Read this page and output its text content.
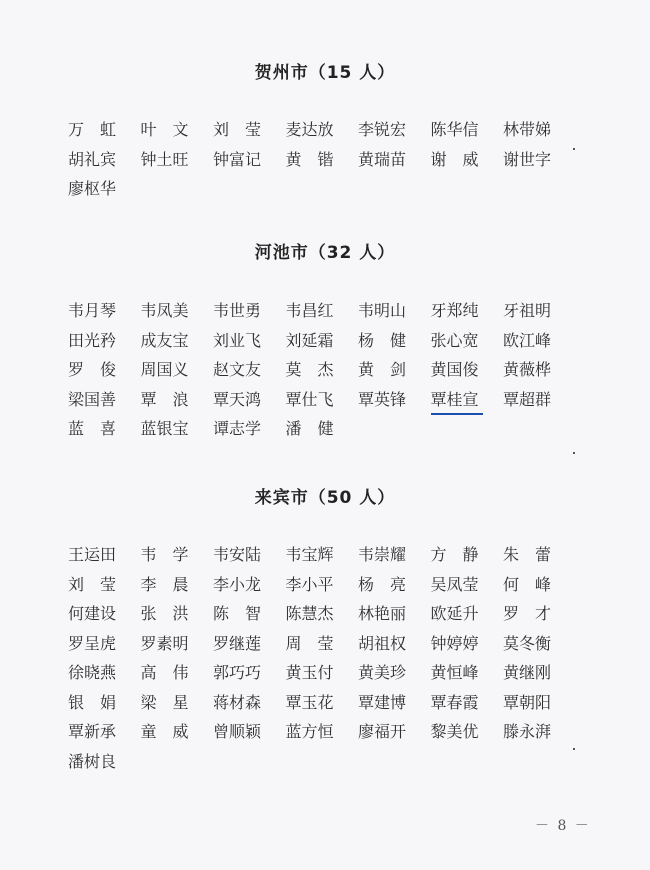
贺州市（15 人）
万　虹	叶　文	刘　莹	麦达放	李锐宏	陈华信	林带娣
胡礼宾	钟土旺	钟富记	黄　锴	黄瑞苗	谢　威	谢世字
廖枢华
河池市（32 人）
韦月琴	韦凤美	韦世勇	韦昌红	韦明山	牙郑纯	牙祖明
田光矜	成友宝	刘业飞	刘延霜	杨　健	张心宽	欧江峰
罗　俊	周国义	赵文友	莫　杰	黄　剑	黄国俊	黄薇桦
梁国善	覃　浪	覃天鸿	覃仕飞	覃英锋	覃桂宣	覃超群
蓝　喜	蓝银宝	谭志学	潘　健
来宾市（50 人）
王运田	韦　学	韦安陆	韦宝辉	韦崇耀	方　静	朱　蕾
刘　莹	李　晨	李小龙	李小平	杨　亮	吴凤莹	何　峰
何建设	张　洪	陈　智	陈慧杰	林艳丽	欧延升	罗　才
罗呈虎	罗素明	罗继莲	周　莹	胡祖权	钟婷婷	莫冬衡
徐晓燕	高　伟	郭巧巧	黄玉付	黄美珍	黄恒峰	黄继刚
银　娟	梁　星	蒋材森	覃玉花	覃建博	覃春霞	覃朝阳
覃新承	童　威	曾顺颖	蓝方恒	廖福开	黎美优	滕永湃
潘树良
－ 8 －
